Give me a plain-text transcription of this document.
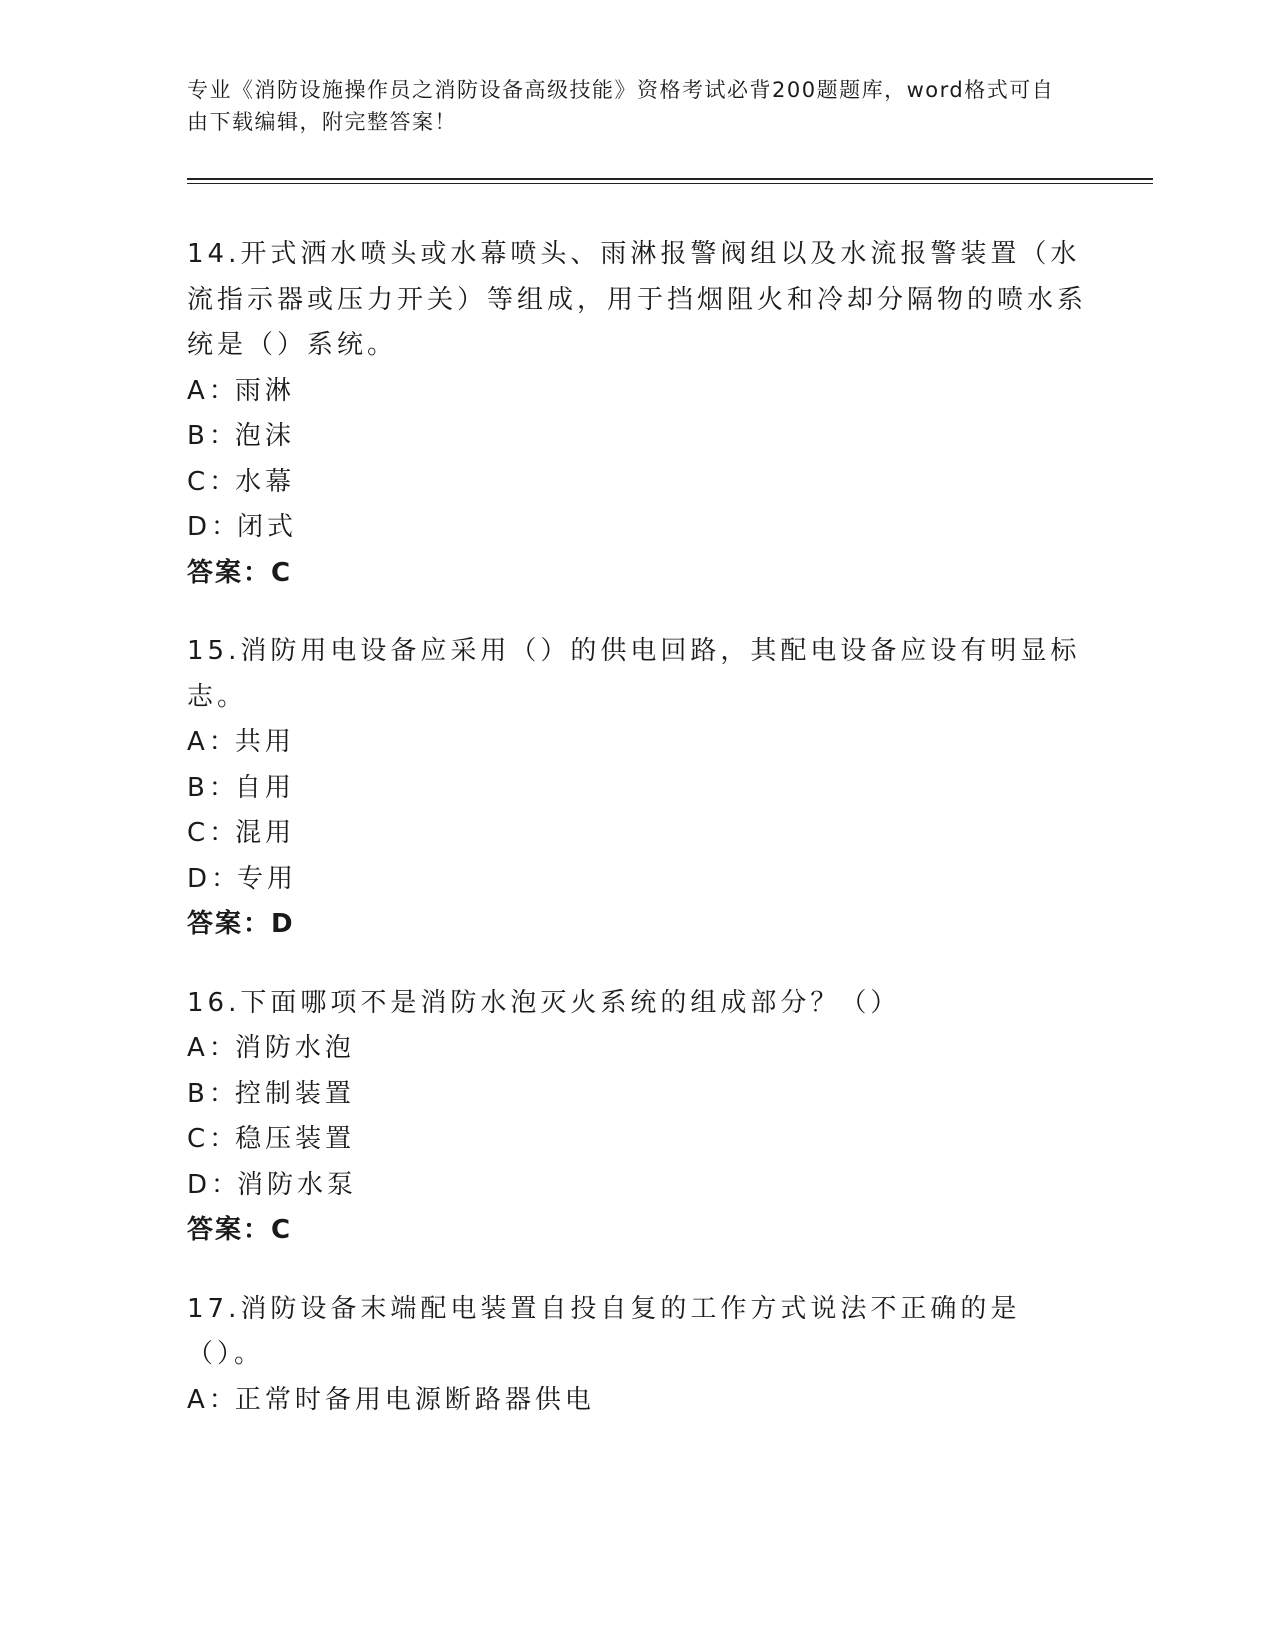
专业《消防设施操作员之消防设备高级技能》资格考试必背200题题库，word格式可自由下载编辑，附完整答案！
14.开式洒水喷头或水幕喷头、雨淋报警阀组以及水流报警装置（水流指示器或压力开关）等组成，用于挡烟阻火和冷却分隔物的喷水系统是（）系统。
A：雨淋
B：泡沫
C：水幕
D：闭式
答案：C
15.消防用电设备应采用（）的供电回路，其配电设备应设有明显标志。
A：共用
B：自用
C：混用
D：专用
答案：D
16.下面哪项不是消防水泡灭火系统的组成部分？（）
A：消防水泡
B：控制装置
C：稳压装置
D：消防水泵
答案：C
17.消防设备末端配电装置自投自复的工作方式说法不正确的是（）。
A：正常时备用电源断路器供电
